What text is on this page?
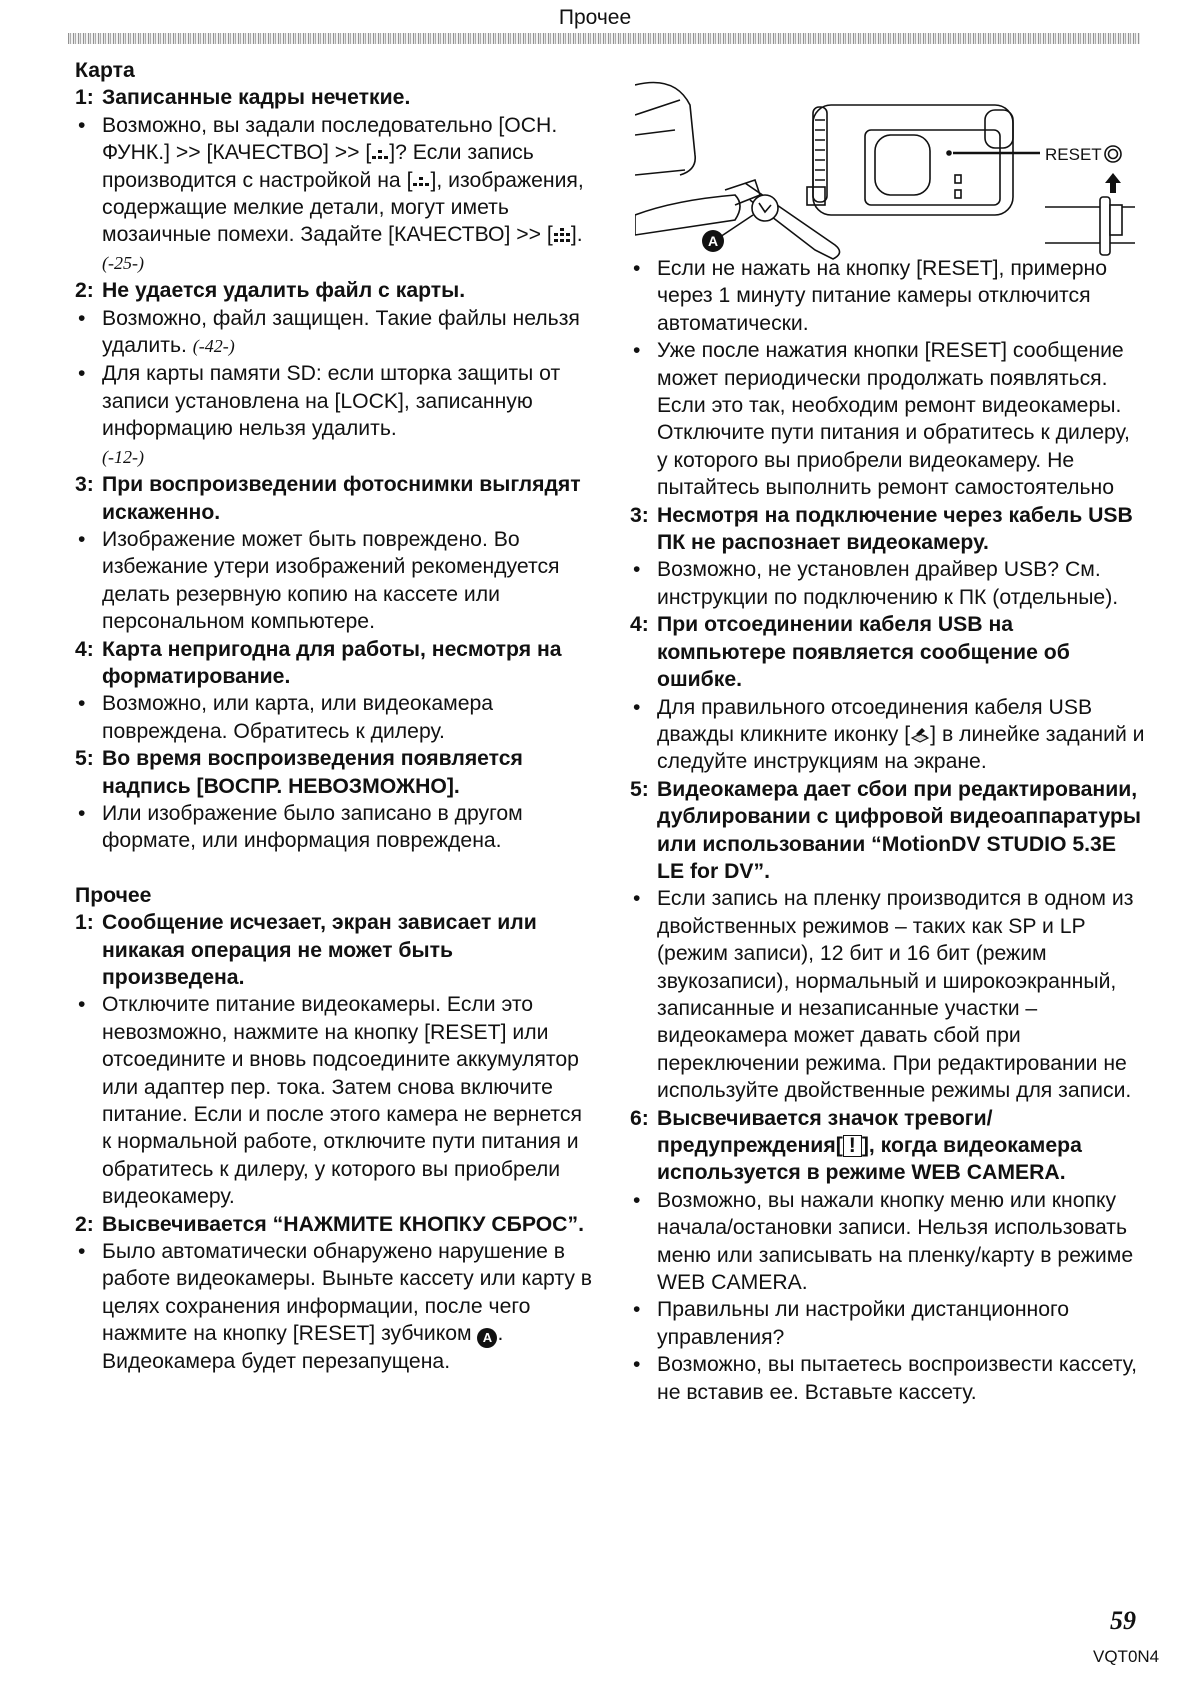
Прочее
Карта
1: Записанные кадры нечеткие.
• Возможно, вы задали последовательно [ОСН. ФУНК.] >> [КАЧЕСТВО] >> [ ]? Если запись производится с настройкой на [ ], изображения, содержащие мелкие детали, могут иметь мозаичные помехи. Задайте [КАЧЕСТВО] >> [ ]. (-25-)
2: Не удается удалить файл с карты.
• Возможно, файл защищен. Такие файлы нельзя удалить. (-42-)
• Для карты памяти SD: если шторка защиты от записи установлена на [LOCK], записанную информацию нельзя удалить.
(-12-)
3: При воспроизведении фотоснимки выглядят искаженно.
• Изображение может быть повреждено. Во избежание утери изображений рекомендуется делать резервную копию на кассете или персональном компьютере.
4: Карта непригодна для работы, несмотря на форматирование.
• Возможно, или карта, или видеокамера повреждена. Обратитесь к дилеру.
5: Во время воспроизведения появляется надпись [ВОСПР. НЕВОЗМОЖНО].
• Или изображение было записано в другом формате, или информация повреждена.
Прочее
1: Сообщение исчезает, экран зависает или никакая операция не может быть произведена.
• Отключите питание видеокамеры. Если это невозможно, нажмите на кнопку [RESET] или отсоедините и вновь подсоедините аккумулятор или адаптер пер. тока. Затем снова включите питание. Если и после этого камера не вернется к нормальной работе, отключите пути питания и обратитесь к дилеру, у которого вы приобрели видеокамеру.
2: Высвечивается “НАЖМИТЕ КНОПКУ СБРОС”.
• Было автоматически обнаружено нарушение в работе видеокамеры. Выньте кассету или карту в целях сохранения информации, после чего нажмите на кнопку [RESET] зубчиком A . Видеокамера будет перезапущена.
A
RESET
• Если не нажать на кнопку [RESET], примерно через 1 минуту питание камеры отключится автоматически.
• Уже после нажатия кнопки [RESET] сообщение может периодически продолжать появляться. Если это так, необходим ремонт видеокамеры. Отключите пути питания и обратитесь к дилеру, у которого вы приобрели видеокамеру. Не пытайтесь выполнить ремонт самостоятельно
3: Несмотря на подключение через кабель USB ПК не распознает видеокамеру.
• Возможно, не установлен драйвер USB? См. инструкции по подключению к ПК (отдельные).
4: При отсоединении кабеля USB на компьютере появляется сообщение об ошибке.
• Для правильного отсоединения кабеля USB дважды кликните иконку [ ] в линейке заданий и следуйте инструкциям на экране.
5: Видеокамера дает сбои при редактировании, дублировании с цифровой видеоаппаратуры или использовании “MotionDV STUDIO 5.3E LE for DV”.
• Если запись на пленку производится в одном из двойственных режимов – таких как SP и LP (режим записи), 12 бит и 16 бит (режим звукозаписи), нормальный и широкоэкранный, записанные и незаписанные участки – видеокамера может давать сбой при переключении режима. При редактировании не используйте двойственные режимы для записи.
6: Высвечивается значок тревоги/ предупреждения[ ! ], когда видеокамера используется в режиме WEB CAMERA.
• Возможно, вы нажали кнопку меню или кнопку начала/остановки записи. Нельзя использовать меню или записывать на пленку/карту в режиме WEB CAMERA.
• Правильны ли настройки дистанционного управления?
• Возможно, вы пытаетесь воспроизвести кассету, не вставив ее. Вставьте кассету.
59
VQT0N4
